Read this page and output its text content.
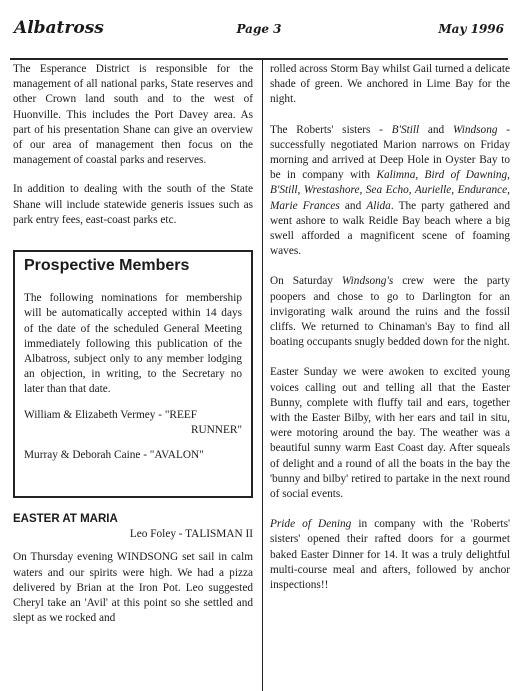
Albatross	Page 3	May 1996

The Esperance District is responsible for the management of all national parks, State reserves and other Crown land south and to the west of Huonville. This includes the Port Davey area. As part of his presentation Shane can give an overview of our area of management then focus on the management of coastal parks and reserves.

In addition to dealing with the south of the State Shane will include statewide generis issues such as park entry fees, east-coast parks etc.

Prospective Members

The following nominations for membership will be automatically accepted within 14 days of the date of the scheduled General Meeting immediately following this publication of the Albatross, subject only to any member lodging an objection, in writing, to the Secretary no later than that date.

William & Elizabeth Vermey - "REEF
RUNNER"
Murray & Deborah Caine - "AVALON"
EASTER AT MARIA
Leo Foley - TALISMAN II

On Thursday evening WINDSONG set sail in calm waters and our spirits were high. We had a pizza delivered by Brian at the Iron Pot. Leo suggested Cheryl take an 'Avil' at this point so she settled and slept as we rocked and

rolled across Storm Bay whilst Gail turned a delicate shade of green. We anchored in Lime Bay for the night.

The Roberts' sisters - B'Still and Windsong - successfully negotiated Marion narrows on Friday morning and arrived at Deep Hole in Oyster Bay to be in company with Kalimna, Bird of Dawning, B'Still, Wrestashore, Sea Echo, Aurielle, Endurance, Marie Frances and Alida. The party gathered and went ashore to walk Reidle Bay beach where a big swell afforded a magnificent scene of foaming waves.

On Saturday Windsong's crew were the party poopers and chose to go to Darlington for an invigorating walk around the ruins and the fossil cliffs. We returned to Chinaman's Bay to find all boating occupants snugly bedded down for the night.

Easter Sunday we were awoken to excited young voices calling out and telling all that the Easter Bunny, complete with fluffy tail and ears, together with the Easter Bilby, with her ears and tail in situ, were motoring around the bay. The weather was a beautiful sunny warm East Coast day. After squeals of delight and a round of all the boats in the bay the 'bunny and bilby' retired to partake in the next round of social events.

Pride of Dening in company with the 'Roberts' sisters' opened their rafted doors for a gourmet baked Easter Dinner for 14. It was a truly delightful multi-course meal and afters, followed by anchor inspections!!
